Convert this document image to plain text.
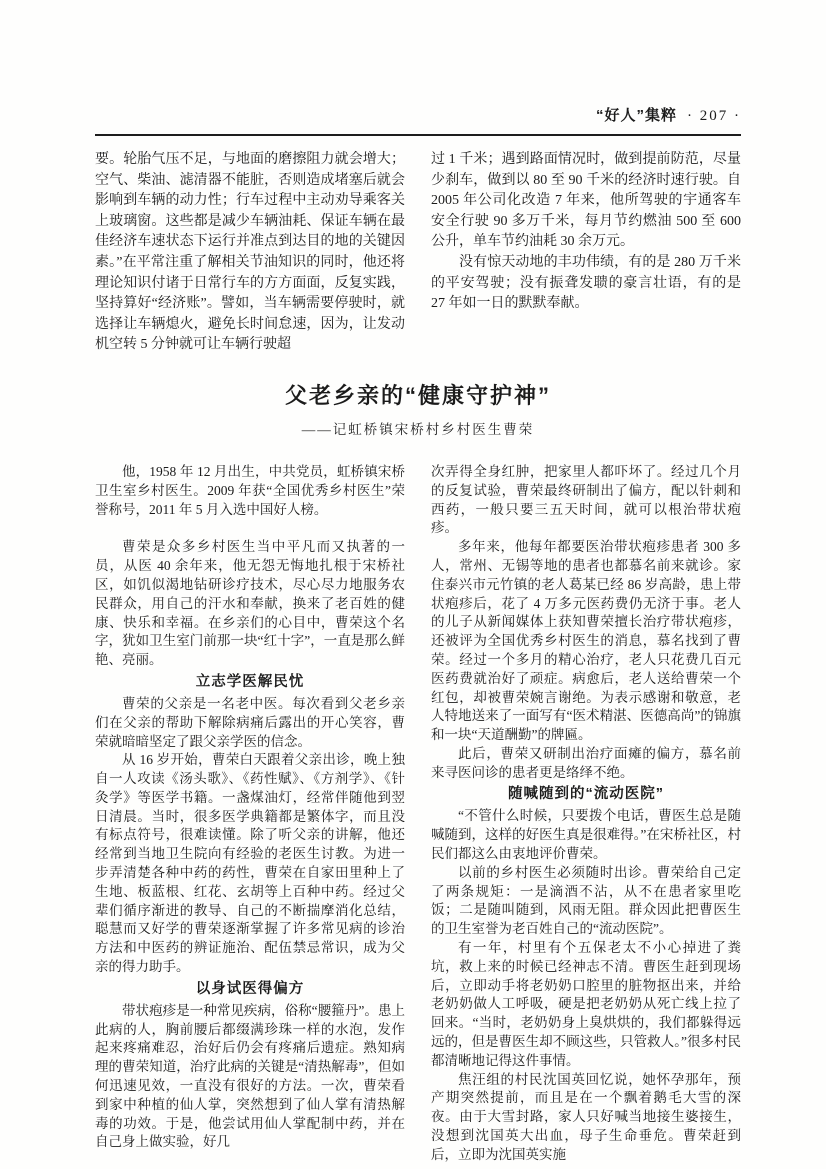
“好人”集粹 · 207 ·

要。轮胎气压不足，与地面的磨擦阻力就会增大；空气、柴油、滤清器不能脏，否则造成堵塞后就会影响到车辆的动力性；行车过程中主动劝导乘客关上玻璃窗。这些都是减少车辆油耗、保证车辆在最佳经济车速状态下运行并准点到达目的地的关键因素。”在平常注重了解相关节油知识的同时，他还将理论知识付诸于日常行车的方方面面，反复实践，坚持算好“经济账”。譬如，当车辆需要停驶时，就选择让车辆熄火，避免长时间怠速，因为，让发动机空转 5 分钟就可让车辆行驶超

过 1 千米；遇到路面情况时，做到提前防范，尽量少刹车，做到以 80 至 90 千米的经济时速行驶。自 2005 年公司化改造 7 年来，他所驾驶的宇通客车安全行驶 90 多万千米，每月节约燃油 500 至 600 公升，单车节约油耗 30 余万元。

没有惊天动地的丰功伟绩，有的是 280 万千米的平安驾驶；没有振聋发聩的豪言壮语，有的是 27 年如一日的默默奉献。

父老乡亲的“健康守护神”
——记虹桥镇宋桥村乡村医生曹荣

他，1958 年 12 月出生，中共党员，虹桥镇宋桥卫生室乡村医生。2009 年获“全国优秀乡村医生”荣誉称号，2011 年 5 月入选中国好人榜。

曹荣是众多乡村医生当中平凡而又执著的一员，从医 40 余年来，他无怨无悔地扎根于宋桥社区，如饥似渴地钻研诊疗技术，尽心尽力地服务农民群众，用自己的汗水和奉献，换来了老百姓的健康、快乐和幸福。在乡亲们的心目中，曹荣这个名字，犹如卫生室门前那一块“红十字”，一直是那么鲜艳、亮丽。

立志学医解民忧

曹荣的父亲是一名老中医。每次看到父老乡亲们在父亲的帮助下解除病痛后露出的开心笑容，曹荣就暗暗坚定了跟父亲学医的信念。

从 16 岁开始，曹荣白天跟着父亲出诊，晚上独自一人攻读《汤头歌》、《药性赋》、《方剂学》、《针灸学》等医学书籍。一盏煤油灯，经常伴随他到翌日清晨。当时，很多医学典籍都是繁体字，而且没有标点符号，很难读懂。除了听父亲的讲解，他还经常到当地卫生院向有经验的老医生讨教。为进一步弄清楚各种中药的药性，曹荣在自家田里种上了生地、板蓝根、红花、玄胡等上百种中药。经过父辈们循序渐进的教导、自己的不断揣摩消化总结，聪慧而又好学的曹荣逐渐掌握了许多常见病的诊治方法和中医药的辨证施治、配伍禁忌常识，成为父亲的得力助手。

以身试医得偏方

带状疱疹是一种常见疾病，俗称“腰箍丹”。患上此病的人，胸前腰后都缀满珍珠一样的水泡，发作起来疼痛难忍，治好后仍会有疼痛后遗症。熟知病理的曹荣知道，治疗此病的关键是“清热解毒”，但如何迅速见效，一直没有很好的方法。一次，曹荣看到家中种植的仙人掌，突然想到了仙人掌有清热解毒的功效。于是，他尝试用仙人掌配制中药，并在自己身上做实验，好几

次弄得全身红肿，把家里人都吓坏了。经过几个月的反复试验，曹荣最终研制出了偏方，配以针刺和西药，一般只要三五天时间，就可以根治带状疱疹。

多年来，他每年都要医治带状疱疹患者 300 多人，常州、无锡等地的患者也都慕名前来就诊。家住泰兴市元竹镇的老人葛某已经 86 岁高龄，患上带状疱疹后，花了 4 万多元医药费仍无济于事。老人的儿子从新闻媒体上获知曹荣擅长治疗带状疱疹，还被评为全国优秀乡村医生的消息，慕名找到了曹荣。经过一个多月的精心治疗，老人只花费几百元医药费就治好了顽症。病愈后，老人送给曹荣一个红包，却被曹荣婉言谢绝。为表示感谢和敬意，老人特地送来了一面写有“医术精湛、医德高尚”的锦旗和一块“天道酬勤”的牌匾。

此后，曹荣又研制出治疗面瘫的偏方，慕名前来寻医问诊的患者更是络绎不绝。

随喊随到的“流动医院”

“不管什么时候，只要拨个电话，曹医生总是随喊随到，这样的好医生真是很难得。”在宋桥社区，村民们都这么由衷地评价曹荣。

以前的乡村医生必须随时出诊。曹荣给自己定了两条规矩：一是滴酒不沾，从不在患者家里吃饭；二是随叫随到，风雨无阻。群众因此把曹医生的卫生室誉为老百姓自己的“流动医院”。

有一年，村里有个五保老太不小心掉进了粪坑，救上来的时候已经神志不清。曹医生赶到现场后，立即动手将老奶奶口腔里的脏物抠出来，并给老奶奶做人工呼吸，硬是把老奶奶从死亡线上拉了回来。“当时，老奶奶身上臭烘烘的，我们都躲得远远的，但是曹医生却不顾这些，只管救人。”很多村民都清晰地记得这件事情。

焦汪组的村民沈国英回忆说，她怀孕那年，预产期突然提前，而且是在一个飘着鹅毛大雪的深夜。由于大雪封路，家人只好喊当地接生婆接生，没想到沈国英大出血，母子生命垂危。曹荣赶到后，立即为沈国英实施
